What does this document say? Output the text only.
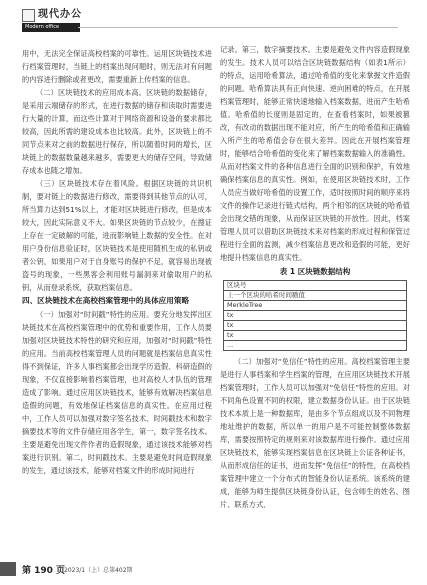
现代办公
Modern office

用中，无法完全保证高校档案的可靠性。运用区块链技术进行档案管理时，当链上的档案出现问题时，则无法对有问题的内容进行删除或者更改，需要重新上传档案的信息。

（二）区块链技术的应用成本高。区块链的数据储存，是采用云端储存的形式，在进行数据的储存和读取时需要进行大量的计算，而这些计算对于网络资源和设备的要求都比较高，因此所需的建设成本也比较高。此外，区块链上的不同节点来对之前的数据进行保存，所以随着时间的增长，区块链上的数据数量越来越多，需要更大的储存空间，导致储存成本也随之增加。

（三）区块链技术存在着风险。根据区块链的共识机制，要对链上的数据进行修改，需要得到其他节点的认可，所当算力达到51%以上，才能对区块链进行修改，但是成本较大，因此实际意义不大。如果区块链的节点较少，在搜证上存在一定破解的可能，进而影响链上数据的安全性。在对用户身份信息验证时，区块链技术是使用随机生成的私钥或者公钥，如果用户对于自身账号的保护不足，就容易出现被盗号的现象，一些黑客会利用账号漏洞来对偷取用户的私钥，从而登录系统，获取档案信息。

四、区块链技术在高校档案管理中的具体应用策略

（一）加强对“时间戳”特性的应用。要充分地发挥出区块链技术在高校档案管理中的优势和重要作用，工作人员要加强对区块链技术特性的研究和应用，加强对“时间戳”特性的应用。当前高校档案管理人员的问题就是档案信息真实性得不到保证，许多人事档案都会出现学历造假、科研造假的现象，不仅直接影响着档案管理，也对高校人才队伍的管理造成了影响。通过应用区块链技术，能够有效解决档案信息造假的问题，有效地保证档案信息的真实性。在应用过程中，工作人员可以加强对数字签名技术、时间戳技术和数字摘要技术等的文件存储应用各学生，第一，数字签名技术。主要是避免出现文件作者的造假现象，通过该技术能够对档案进行识别。第二，时间戳技术。主要是避免时间造假现象的发生，通过该技术，能够对档案文件的形成时间进行

记录。第三，数字摘要技术。主要是避免文件内容造假现象的发生。技术人员可以结合区块链数据结构（如表1所示）的特点，运用哈希算法，通过哈希值的变化来掌握文件造假的问题。哈希算法具有正向快速、逆向困难的特点，在开展档案管理时，能够正常快速地输入档案数据，进而产生哈希值。哈希值的长度则是固定的，在查看档案时，如果被篡改，有改动的数据出现不能对应，所产生的哈希值和正确输入所产生的哈希值会存在很大差异。因此在开展档案管理时，能够结合哈希值的变化来了解档案数据输入的准确性。从而对档案文件的各种信息进行全面的识别和保护，有效地确保档案信息的真实性。例如，在使用区块链技术时，工作人员应当做好哈希值的设置工作，适时按照时间的顺序来将文件的操作记录进行链式结构，两个相邻的区块链的哈希值会出现交错的现象，从而保证区块链的开放性。因此，档案管理人员可以借助区块链技术来对档案的形成过程和保管过程进行全面的监测，减少档案信息更改和造假的可能，更好地提升档案信息的真实性。

表 1 区块链数据结构
区块号
上一个区块的哈希时间戳值
MerkleTree
tx
tx
tx
...

（二）加强对“免信任”特性的应用。高校档案管理主要是进行人事档案和学生档案的管理，在应用区块链技术开展档案管理时，工作人员可以加强对“免信任”特性的应用。对不同角色设置不同的权限，建立数据身份认证。由于区块链技术本质上是一种数据库，是由多个节点组成以及不同物理地址维护的数据，所以单一的用户是不可能控制整体数据库，需要按照特定的规则来对该数据库进行操作。通过应用区块链技术，能够实现档案信息在区块链上公证各种证书，从而形成信任的证书，进而发挥“免信任”的特性，在高校档案管理中建立一个分布式的智能身份认证系统。该系统的建成，能够为师生提供区块链身份认证，包含师生的姓名、图片、联系方式、

第 190 页
2023/1（上）总第402期
